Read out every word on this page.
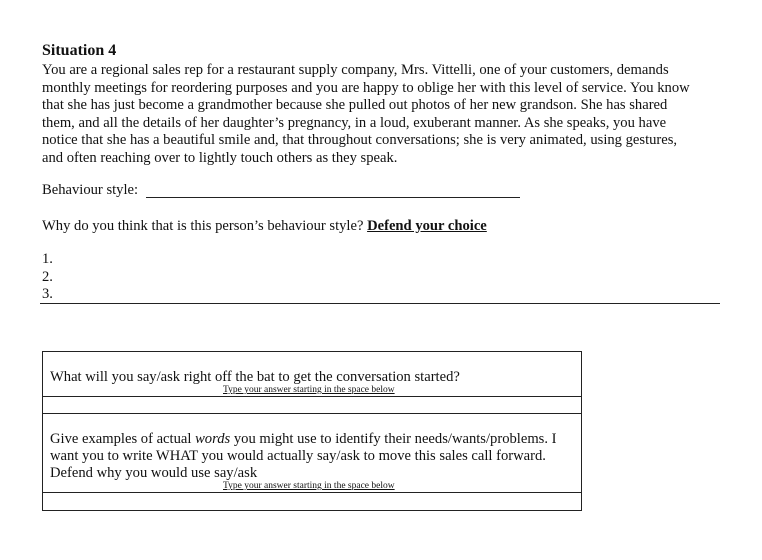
Situation 4
You are a regional sales rep for a restaurant supply company, Mrs. Vittelli, one of your customers, demands
monthly meetings for reordering purposes and you are happy to oblige her with this level of service. You know
that she has just become a grandmother because she pulled out photos of her new grandson. She has shared
them, and all the details of her daughter’s pregnancy, in a loud, exuberant manner. As she speaks, you have
notice that she has a beautiful smile and, that throughout conversations; she is very animated, using gestures,
and often reaching over to lightly touch others as they speak.
Behaviour style:
Why do you think that is this person’s behaviour style? Defend your choice
1.
2.
3.
What will you say/ask right off the bat to get the conversation started?
Type your answer starting in the space below
Give examples of actual words you might use to identify their needs/wants/problems. I
want you to write WHAT you would actually say/ask to move this sales call forward.
Defend why you would use say/ask
Type your answer starting in the space below
